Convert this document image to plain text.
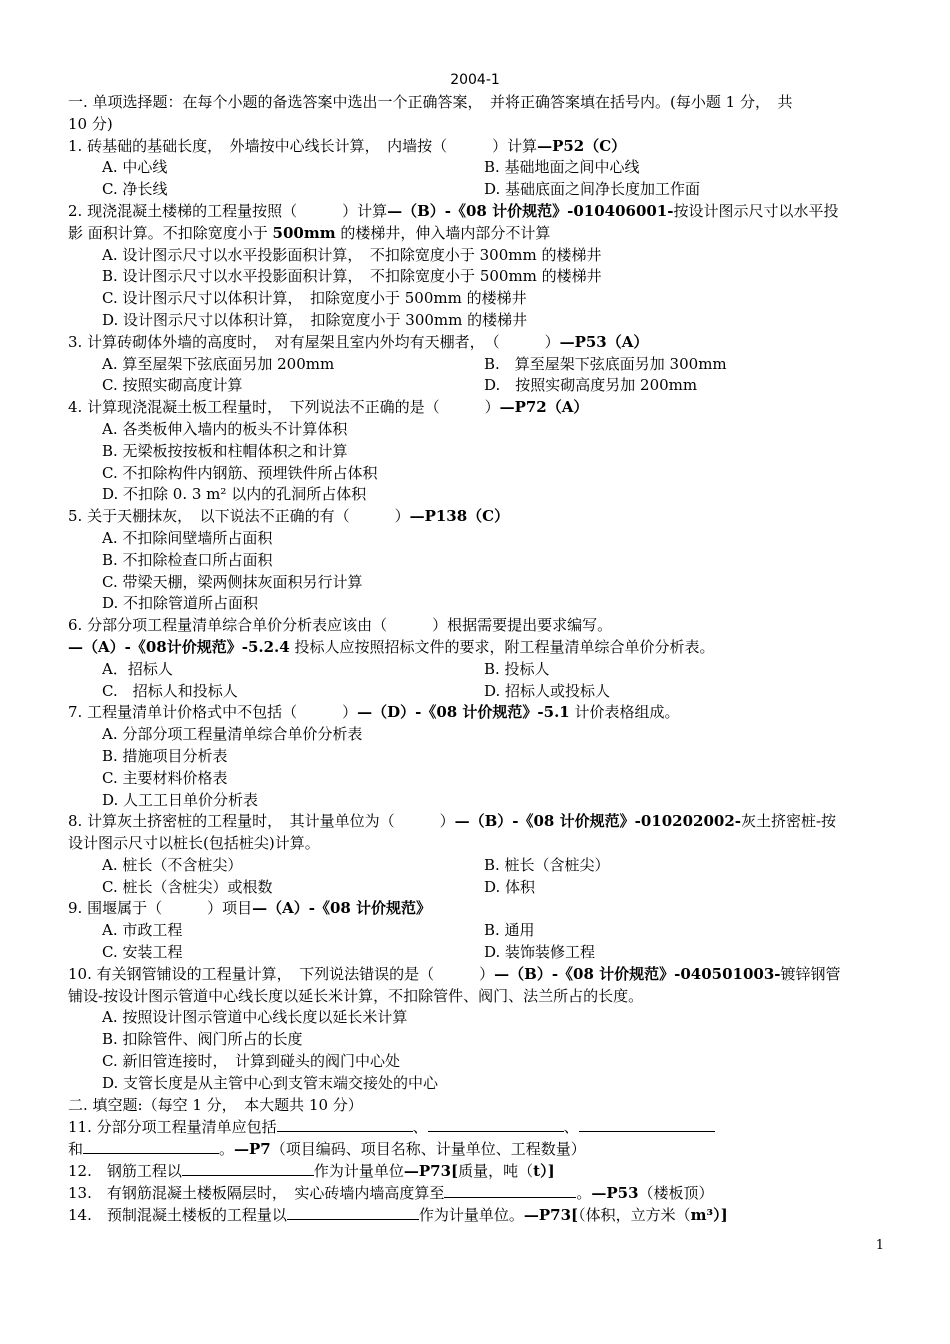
2004-1
一. 单项选择题：在每个小题的备选答案中选出一个正确答案，　并将正确答案填在括号内。(每小题 1 分，　共
10 分)
1. 砖基础的基础长度，　外墙按中心线长计算，　内墙按（　　　）计算—P52（C）
A. 中心线	B. 基础地面之间中心线
C. 净长线	D. 基础底面之间净长度加工作面
2. 现浇混凝土楼梯的工程量按照（　　　）计算—（B）-《08 计价规范》-010406001-按设计图示尺寸以水平投
影 面积计算。不扣除宽度小于 500mm 的楼梯井，伸入墙内部分不计算
A. 设计图示尺寸以水平投影面积计算，　不扣除宽度小于 300mm 的楼梯井
B. 设计图示尺寸以水平投影面积计算，　不扣除宽度小于 500mm 的楼梯井
C. 设计图示尺寸以体积计算，　扣除宽度小于 500mm 的楼梯井
D. 设计图示尺寸以体积计算，　扣除宽度小于 300mm 的楼梯井
3. 计算砖砌体外墙的高度时，　对有屋架且室内外均有天棚者，　（　　　）—P53（A）
A. 算至屋架下弦底面另加 200mm	B.　算至屋架下弦底面另加 300mm
C. 按照实砌高度计算	D.　按照实砌高度另加 200mm
4. 计算现浇混凝土板工程量时，　下列说法不正确的是（　　　）—P72（A）
A. 各类板伸入墙内的板头不计算体积
B. 无梁板按按板和柱帽体积之和计算
C. 不扣除构件内钢筋、预埋铁件所占体积
D. 不扣除 0. 3 m² 以内的孔洞所占体积
5. 关于天棚抹灰，　以下说法不正确的有（　　　）—P138（C）
A. 不扣除间壁墙所占面积
B. 不扣除检查口所占面积
C. 带梁天棚，梁两侧抹灰面积另行计算
D. 不扣除管道所占面积
6. 分部分项工程量清单综合单价分析表应该由（　　　）根据需要提出要求编写。
—（A）-《08计价规范》-5.2.4 投标人应按照招标文件的要求，附工程量清单综合单价分析表。
A．招标人	B. 投标人
C.　招标人和投标人	D. 招标人或投标人
7. 工程量清单计价格式中不包括（　　　）—（D）-《08 计价规范》-5.1 计价表格组成。
A. 分部分项工程量清单综合单价分析表
B. 措施项目分析表
C. 主要材料价格表
D. 人工工日单价分析表
8. 计算灰土挤密桩的工程量时，　其计量单位为（　　　）—（B）-《08 计价规范》-010202002-灰土挤密桩-按
设计图示尺寸以桩长(包括桩尖)计算。
A. 桩长（不含桩尖）	B. 桩长（含桩尖）
C. 桩长（含桩尖）或根数	D. 体积
9. 围堰属于（　　　）项目—（A）-《08 计价规范》
A. 市政工程	B. 通用
C. 安装工程	D. 装饰装修工程
10. 有关钢管铺设的工程量计算，　下列说法错误的是（　　　）—（B）-《08 计价规范》-040501003-镀锌钢管
铺设-按设计图示管道中心线长度以延长米计算，不扣除管件、阀门、法兰所占的长度。
A. 按照设计图示管道中心线长度以延长米计算
B. 扣除管件、阀门所占的长度
C. 新旧管连接时，　计算到碰头的阀门中心处
D. 支管长度是从主管中心到支管末端交接处的中心
二. 填空题:（每空 1 分，　本大题共 10 分）
11. 分部分项工程量清单应包括	、	、
和	。—P7（项目编码、项目名称、计量单位、工程数量）
12.　钢筋工程以	作为计量单位—P73[质量，吨（t）]
13.　有钢筋混凝土楼板隔层时，　实心砖墙内墙高度算至	。—P53（楼板顶）
14.　预制混凝土楼板的工程量以	作为计量单位。—P73[（体积，立方米（m³）]
1
